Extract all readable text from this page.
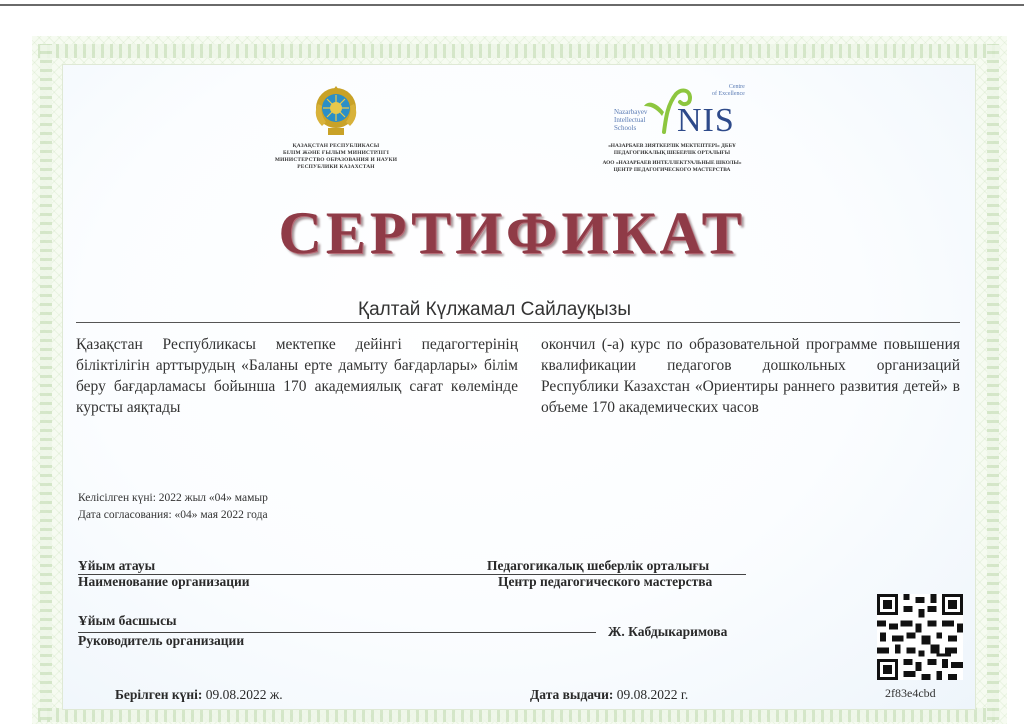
ҚАЗАҚСТАН РЕСПУБЛИКАСЫ
БІЛІМ ЖӘНЕ ҒЫЛЫМ МИНИСТРЛІГІ
МИНИСТЕРСТВО ОБРАЗОВАНИЯ И НАУКИ
РЕСПУБЛИКИ КАЗАХСТАН
Nazarbayev
Intellectual
Schools
Centre
of Excellence
NIS
«НАЗАРБАЕВ ЗИЯТКЕРЛІК МЕКТЕПТЕРІ» ДББҰ
ПЕДАГОГИКАЛЫҚ ШЕБЕРЛІК ОРТАЛЫҒЫ
АОО «НАЗАРБАЕВ ИНТЕЛЛЕКТУАЛЬНЫЕ ШКОЛЫ»
ЦЕНТР ПЕДАГОГИЧЕСКОГО МАСТЕРСТВА
СЕРТИФИКАТ
Қалтай Күлжамал Сайлауқызы
Қазақстан Республикасы мектепке дейінгі педагогтерінің біліктілігін арттырудың «Баланы ерте дамыту бағдарлары» білім беру бағдарламасы бойынша 170 академиялық сағат көлемінде курсты аяқтады
окончил (-а) курс по образовательной программе повышения квалификации педагогов дошкольных организаций Республики Казахстан «Ориентиры раннего развития детей» в объеме 170 академических часов
Келісілген күні: 2022 жыл «04» мамыр
Дата согласования: «04» мая 2022 года
Ұйым атауы
Наименование организации
Педагогикалық шеберлік орталығы
Центр педагогического мастерства
Ұйым басшысы
Руководитель организации
Ж. Кабдыкаримова
Берілген күні: 09.08.2022 ж.	Дата выдачи: 09.08.2022 г.	2f83e4cbd
